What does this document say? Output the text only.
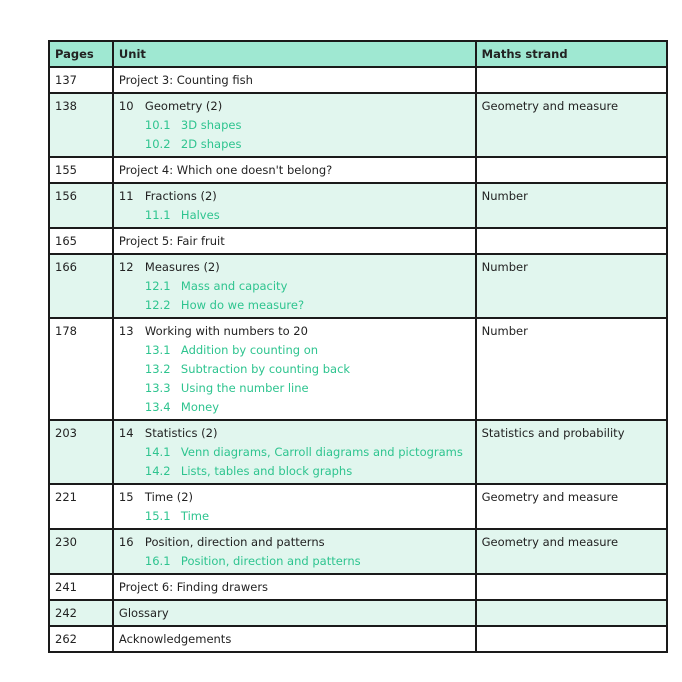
Pages	Unit	Maths strand
137	Project 3: Counting fish	
138	10 Geometry (2)
10.1 3D shapes
10.2 2D shapes	Geometry and measure
155	Project 4: Which one doesn't belong?	
156	11 Fractions (2)
11.1 Halves	Number
165	Project 5: Fair fruit	
166	12 Measures (2)
12.1 Mass and capacity
12.2 How do we measure?	Number
178	13 Working with numbers to 20
13.1 Addition by counting on
13.2 Subtraction by counting back
13.3 Using the number line
13.4 Money	Number
203	14 Statistics (2)
14.1 Venn diagrams, Carroll diagrams and pictograms
14.2 Lists, tables and block graphs	Statistics and probability
221	15 Time (2)
15.1 Time	Geometry and measure
230	16 Position, direction and patterns
16.1 Position, direction and patterns	Geometry and measure
241	Project 6: Finding drawers	
242	Glossary	
262	Acknowledgements	
